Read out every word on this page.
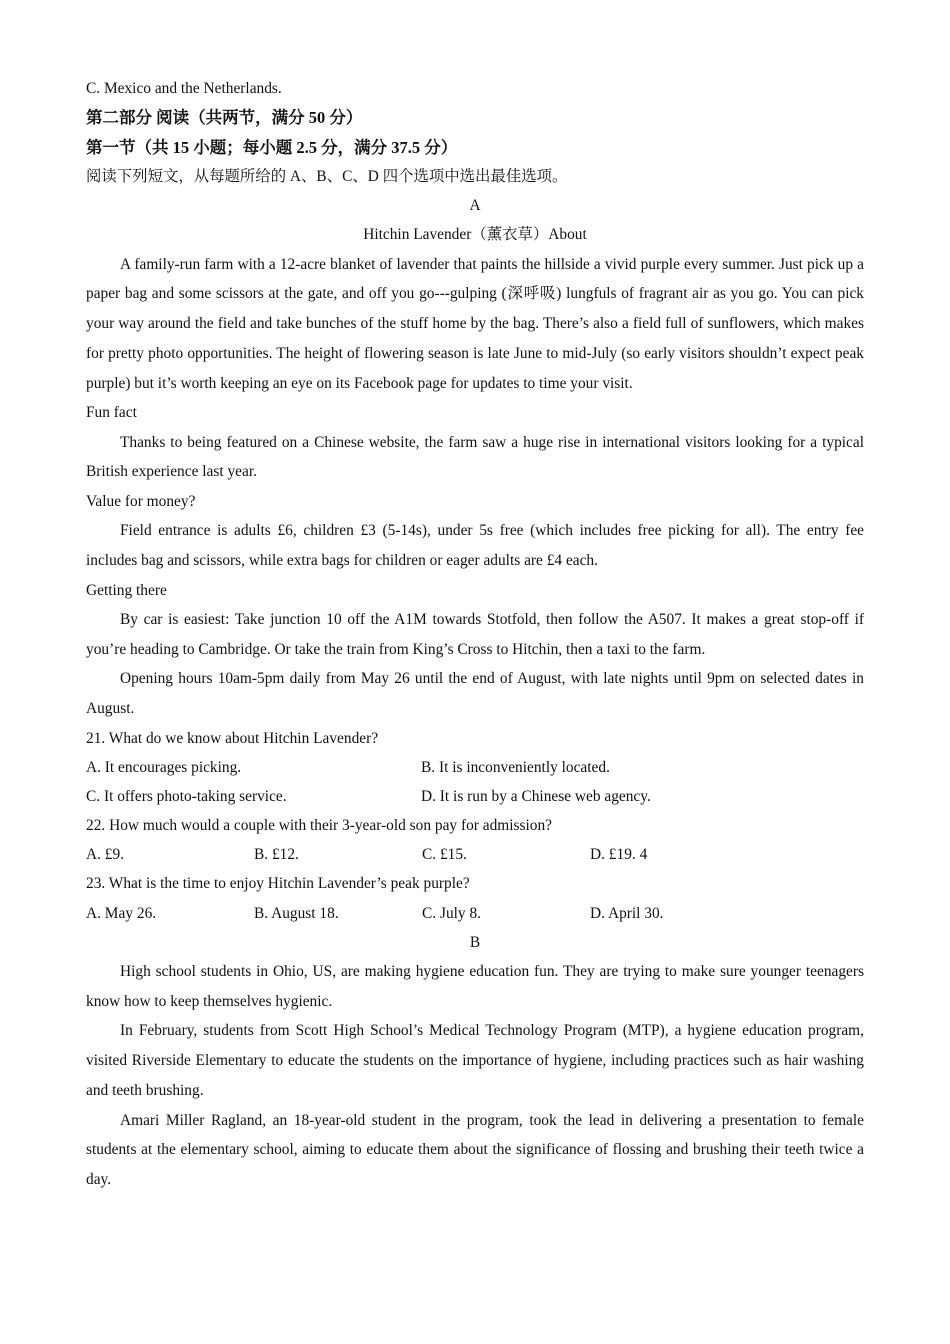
C. Mexico and the Netherlands.

第二部分 阅读（共两节，满分 50 分）

第一节（共 15 小题；每小题 2.5 分，满分 37.5 分）

阅读下列短文，从每题所给的 A、B、C、D 四个选项中选出最佳选项。

A

Hitchin Lavender（薰衣草）About

A family-run farm with a 12-acre blanket of lavender that paints the hillside a vivid purple every summer. Just pick up a paper bag and some scissors at the gate, and off you go---gulping (深呼吸) lungfuls of fragrant air as you go. You can pick your way around the field and take bunches of the stuff home by the bag. There’s also a field full of sunflowers, which makes for pretty photo opportunities. The height of flowering season is late June to mid-July (so early visitors shouldn’t expect peak purple) but it’s worth keeping an eye on its Facebook page for updates to time your visit.

Fun fact

Thanks to being featured on a Chinese website, the farm saw a huge rise in international visitors looking for a typical British experience last year.

Value for money?

Field entrance is adults £6, children £3 (5-14s), under 5s free (which includes free picking for all). The entry fee includes bag and scissors, while extra bags for children or eager adults are £4 each.

Getting there

By car is easiest: Take junction 10 off the A1M towards Stotfold, then follow the A507. It makes a great stop-off if you’re heading to Cambridge. Or take the train from King’s Cross to Hitchin, then a taxi to the farm.

Opening hours 10am-5pm daily from May 26 until the end of August, with late nights until 9pm on selected dates in August.

21. What do we know about Hitchin Lavender?

A. It encourages picking.	B. It is inconveniently located.
C. It offers photo-taking service.	D. It is run by a Chinese web agency.

22. How much would a couple with their 3-year-old son pay for admission?

A. £9.	B. £12.	C. £15.	D. £19. 4

23. What is the time to enjoy Hitchin Lavender’s peak purple?

A. May 26.	B. August 18.	C. July 8.	D. April 30.

B

High school students in Ohio, US, are making hygiene education fun. They are trying to make sure younger teenagers know how to keep themselves hygienic.

In February, students from Scott High School’s Medical Technology Program (MTP), a hygiene education program, visited Riverside Elementary to educate the students on the importance of hygiene, including practices such as hair washing and teeth brushing.

Amari Miller Ragland, an 18-year-old student in the program, took the lead in delivering a presentation to female students at the elementary school, aiming to educate them about the significance of flossing and brushing their teeth twice a day.
